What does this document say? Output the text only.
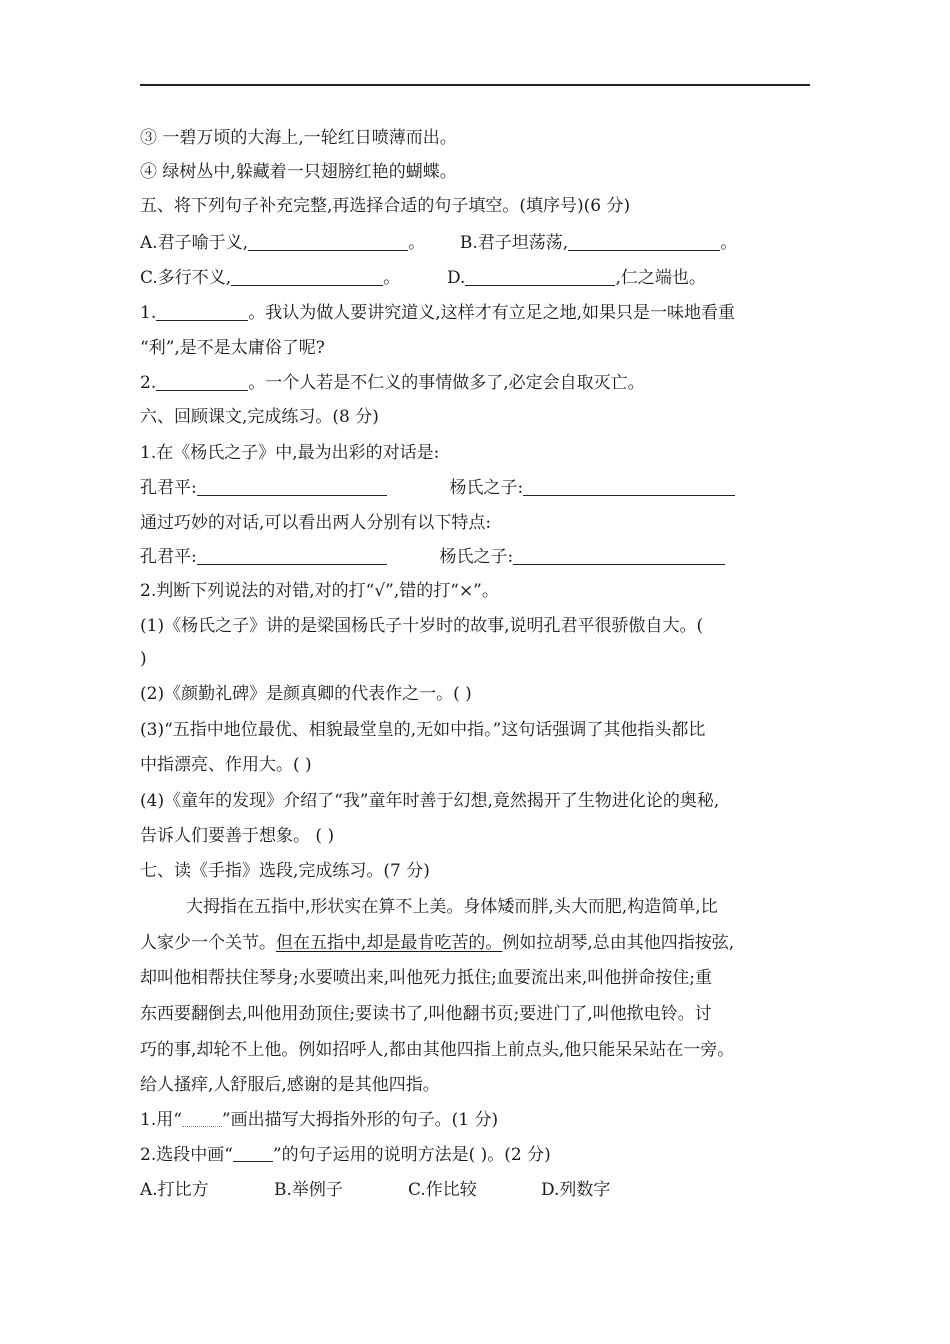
③ 一碧万顷的大海上,一轮红日喷薄而出。
④ 绿树丛中,躲藏着一只翅膀红艳的蝴蝶。
五、将下列句子补充完整,再选择合适的句子填空。(填序号)(6 分)
A.君子喻于义,	。 B.君子坦荡荡,	。
C.多行不义,	。	D.	,仁之端也。
1.	。我认为做人要讲究道义,这样才有立足之地,如果只是一味地看重
“利”,是不是太庸俗了呢?
2.	。一个人若是不仁义的事情做多了,必定会自取灭亡。
六、回顾课文,完成练习。(8 分)
1.在《杨氏之子》中,最为出彩的对话是:
孔君平:	杨氏之子:
通过巧妙的对话,可以看出两人分别有以下特点:
孔君平:	杨氏之子:
2.判断下列说法的对错,对的打“√”,错的打“×”。
(1)《杨氏之子》讲的是梁国杨氏子十岁时的故事,说明孔君平很骄傲自大。(
)
(2)《颜勤礼碑》是颜真卿的代表作之一。( )
(3)“五指中地位最优、相貌最堂皇的,无如中指。”这句话强调了其他指头都比
中指漂亮、作用大。( )
(4)《童年的发现》介绍了“我”童年时善于幻想,竟然揭开了生物进化论的奥秘,
告诉人们要善于想象。 ( )
七、读《手指》选段,完成练习。(7 分)
大拇指在五指中,形状实在算不上美。身体矮而胖,头大而肥,构造简单,比
人家少一个关节。但在五指中,却是最肯吃苦的。例如拉胡琴,总由其他四指按弦,
却叫他相帮扶住琴身;水要喷出来,叫他死力抵住;血要流出来,叫他拼命按住;重
东西要翻倒去,叫他用劲顶住;要读书了,叫他翻书页;要进门了,叫他揿电铃。讨
巧的事,却轮不上他。例如招呼人,都由其他四指上前点头,他只能呆呆站在一旁。
给人搔痒,人舒服后,感谢的是其他四指。
1.用“ ”画出描写大拇指外形的句子。(1 分)
2.选段中画“ ”的句子运用的说明方法是( )。(2 分)
A.打比方	B.举例子	C.作比较	D.列数字
